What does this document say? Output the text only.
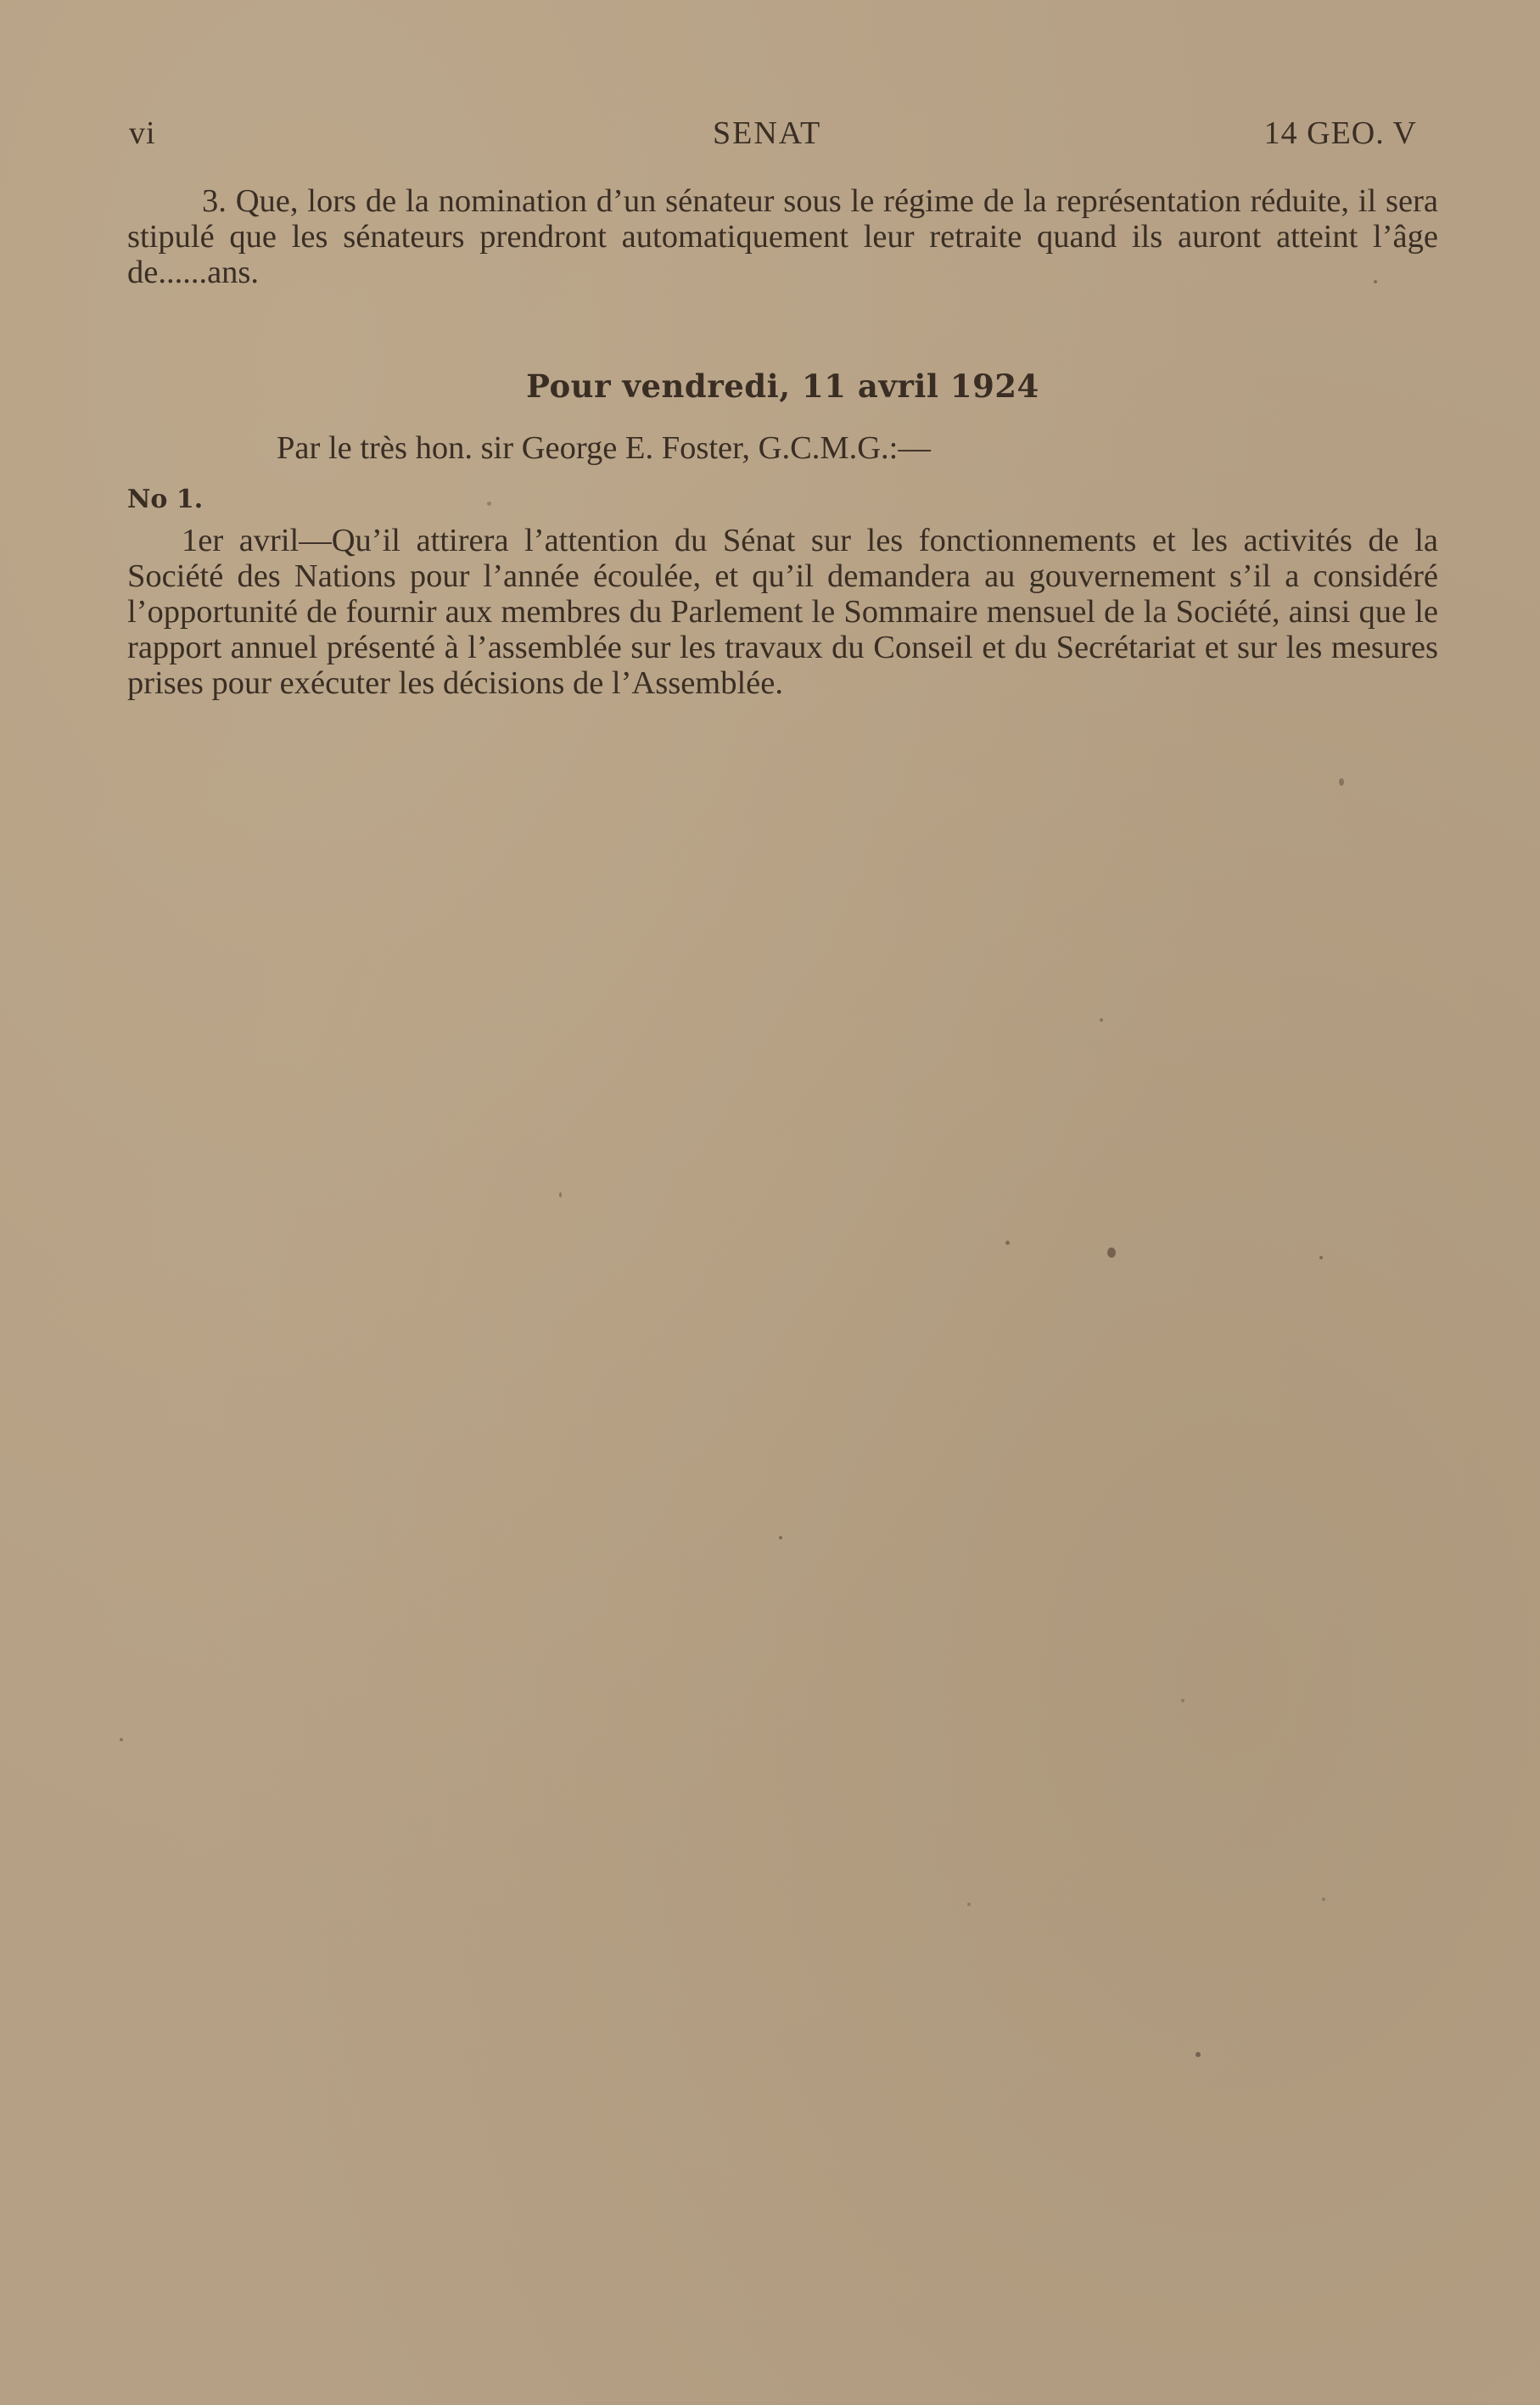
vi	SENAT	14 GEO. V
3. Que, lors de la nomination d’un sénateur sous le régime de la représentation réduite, il sera stipulé que les sénateurs prendront automatiquement leur retraite quand ils auront atteint l’âge de......ans.
Pour vendredi, 11 avril 1924
Par le très hon. sir George E. Foster, G.C.M.G.:—
No 1.
1er avril—Qu’il attirera l’attention du Sénat sur les fonctionnements et les activités de la Société des Nations pour l’année écoulée, et qu’il demandera au gouvernement s’il a considéré l’opportunité de fournir aux membres du Parlement le Sommaire mensuel de la Société, ainsi que le rapport annuel présenté à l’assemblée sur les travaux du Conseil et du Secrétariat et sur les mesures prises pour exécuter les décisions de l’Assemblée.
